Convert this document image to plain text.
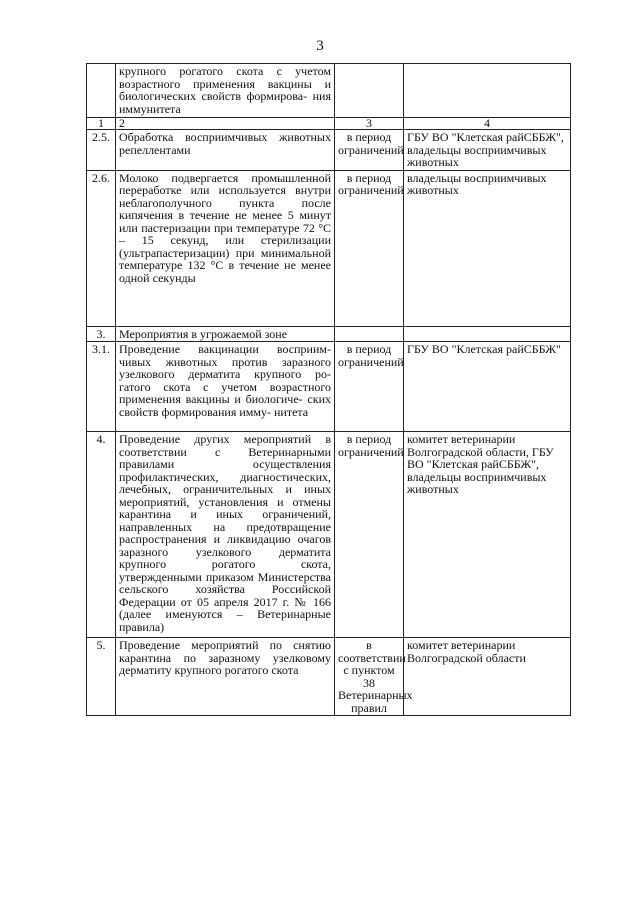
3
	крупного рогатого скота с учетом возрастного применения вакцины и биологических свойств формирова- ния иммунитета		
1	2	3	4
2.5.	Обработка восприимчивых животных репеллентами	в период ограничений	ГБУ ВО "Клетская райСББЖ", владельцы восприимчивых животных
2.6.	Молоко подвергается промышленной переработке или используется внутри неблагополучного пункта после кипячения в течение не менее 5 минут или пастеризации при температуре 72 °С – 15 секунд, или стерилизации (ультрапастеризации) при минимальной температуре 132 °С в течение не менее одной секунды	в период ограничений	владельцы восприимчивых животных
3.	Мероприятия в угрожаемой зоне		
3.1.	Проведение вакцинации восприим- чивых животных против заразного узелкового дерматита крупного ро- гатого скота с учетом возрастного применения вакцины и биологиче- ских свойств формирования имму- нитета	в период ограничений	ГБУ ВО "Клетская райСББЖ"
4.	Проведение других мероприятий в соответствии с Ветеринарными правилами осуществления профилактических, диагностических, лечебных, ограничительных и иных мероприятий, установления и отмены карантина и иных ограничений, направленных на предотвращение распространения и ликвидацию очагов заразного узелкового дерматита крупного рогатого скота, утвержденными приказом Министерства сельского хозяйства Российской Федерации от 05 апреля 2017 г. № 166 (далее именуются – Ветеринарные правила)	в период ограничений	комитет ветеринарии Волгоградской области, ГБУ ВО "Клетская райСББЖ", владельцы восприимчивых животных
5.	Проведение мероприятий по снятию карантина по заразному узелковому дерматиту крупного рогатого скота	в соответствии с пунктом 38 Ветеринарных правил	комитет ветеринарии Волгоградской области
